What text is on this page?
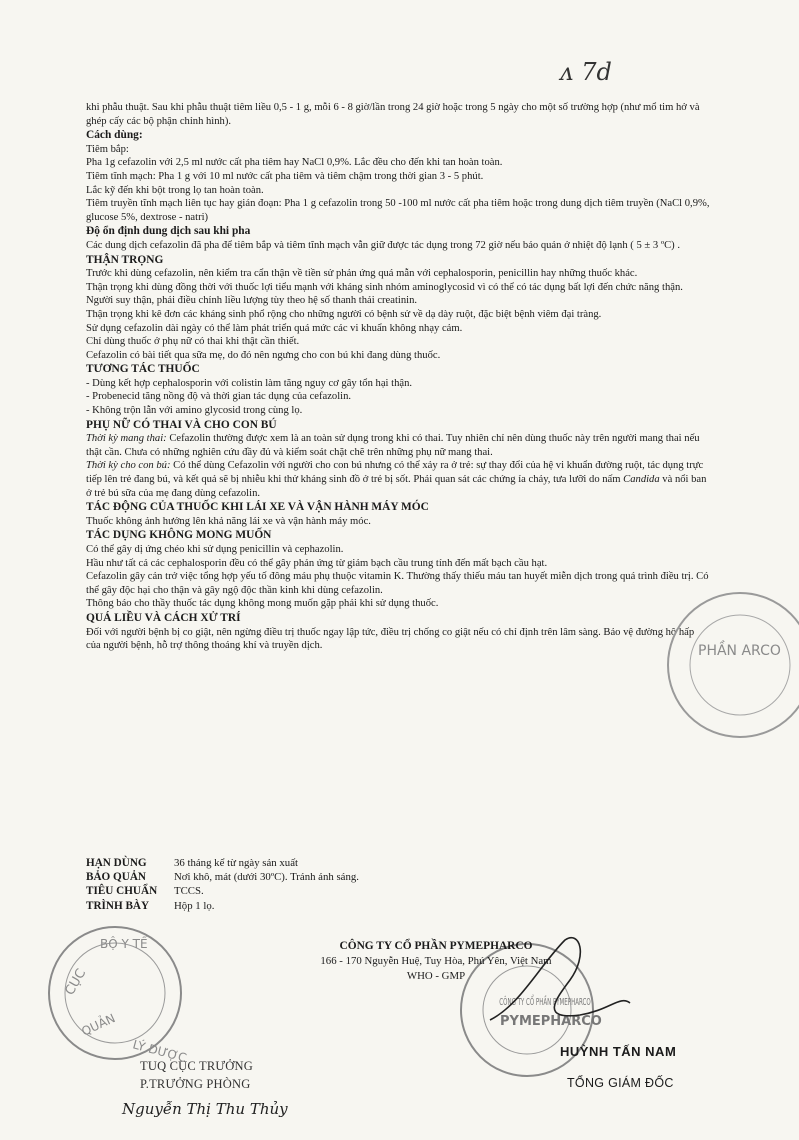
ᴧ 7d

khi phẫu thuật. Sau khi phẫu thuật tiêm liều 0,5 - 1 g, mỗi 6 - 8 giờ/lần trong 24 giờ hoặc trong 5 ngày cho một số trường hợp (như mổ tim hở và ghép cấy các bộ phận chỉnh hình).

Cách dùng:

Tiêm bắp:

Pha 1g cefazolin với 2,5 ml nước cất pha tiêm hay NaCl 0,9%. Lắc đều cho đến khi tan hoàn toàn.

Tiêm tĩnh mạch: Pha 1 g với 10 ml nước cất pha tiêm và tiêm chậm trong thời gian 3 - 5 phút.

Lắc kỹ đến khi bột trong lọ tan hoàn toàn.

Tiêm truyền tĩnh mạch liên tục hay gián đoạn: Pha 1 g cefazolin trong 50 -100 ml nước cất pha tiêm hoặc trong dung dịch tiêm truyền (NaCl 0,9%, glucose 5%, dextrose - natri)

Độ ổn định dung dịch sau khi pha

Các dung dịch cefazolin đã pha để tiêm bắp và tiêm tĩnh mạch vẫn giữ được tác dụng trong 72 giờ nếu bảo quản ở nhiệt độ lạnh ( 5 ± 3 ºC) .

THẬN TRỌNG

Trước khi dùng cefazolin, nên kiểm tra cẩn thận về tiền sử phản ứng quá mẫn với cephalosporin, penicillin hay những thuốc khác.

Thận trọng khi dùng đồng thời với thuốc lợi tiểu mạnh với kháng sinh nhóm aminoglycosid vì có thể có tác dụng bất lợi đến chức năng thận.

Người suy thận, phải điều chỉnh liều lượng tùy theo hệ số thanh thải creatinin.

Thận trọng khi kê đơn các kháng sinh phổ rộng cho những người có bệnh sử về dạ dày ruột, đặc biệt bệnh viêm đại tràng.

Sử dụng cefazolin dài ngày có thể làm phát triển quá mức các vi khuẩn không nhạy cảm.

Chỉ dùng thuốc ở phụ nữ có thai khi thật cần thiết.

Cefazolin có bài tiết qua sữa mẹ, do đó nên ngưng cho con bú khi đang dùng thuốc.

TƯƠNG TÁC THUỐC

- Dùng kết hợp cephalosporin với colistin làm tăng nguy cơ gây tổn hại thận.

- Probenecid tăng nồng độ và thời gian tác dụng của cefazolin.

- Không trộn lẫn với amino glycosid trong cùng lọ.

PHỤ NỮ CÓ THAI VÀ CHO CON BÚ

Thời kỳ mang thai: Cefazolin thường được xem là an toàn sử dụng trong khi có thai. Tuy nhiên chỉ nên dùng thuốc này trên người mang thai nếu thật cần. Chưa có những nghiên cứu đầy đủ và kiểm soát chặt chẽ trên những phụ nữ mang thai.

Thời kỳ cho con bú: Có thể dùng Cefazolin với người cho con bú nhưng có thể xảy ra ở trẻ: sự thay đổi của hệ vi khuẩn đường ruột, tác dụng trực tiếp lên trẻ đang bú, và kết quả sẽ bị nhiễu khi thử kháng sinh đồ ở trẻ bị sốt. Phải quan sát các chứng ỉa chảy, tưa lưỡi do nấm Candida và nổi ban ở trẻ bú sữa của mẹ đang dùng cefazolin.

TÁC ĐỘNG CỦA THUỐC KHI LÁI XE VÀ VẬN HÀNH MÁY MÓC

Thuốc không ảnh hưởng lên khả năng lái xe và vận hành máy móc.

TÁC DỤNG KHÔNG MONG MUỐN

Có thể gây dị ứng chéo khi sử dụng penicillin và cephazolin.

Hầu như tất cả các cephalosporin đều có thể gây phản ứng từ giảm bạch cầu trung tính đến mất bạch cầu hạt.

Cefazolin gây cản trở việc tổng hợp yếu tố đông máu phụ thuộc vitamin K. Thường thấy thiếu máu tan huyết miễn dịch trong quá trình điều trị. Có thể gây độc hại cho thận và gây ngộ độc thần kinh khi dùng cefazolin.

Thông báo cho thầy thuốc tác dụng không mong muốn gặp phải khi sử dụng thuốc.

QUÁ LIỀU VÀ CÁCH XỬ TRÍ

Đối với người bệnh bị co giật, nên ngừng điều trị thuốc ngay lập tức, điều trị chống co giật nếu có chỉ định trên lâm sàng. Bảo vệ đường hô hấp của người bệnh, hỗ trợ thông thoáng khí và truyền dịch.

HẠN DÙNG	36 tháng kể từ ngày sản xuất
BẢO QUẢN	Nơi khô, mát (dưới 30ºC). Tránh ánh sáng.
TIÊU CHUẨN	TCCS.
TRÌNH BÀY	Hộp 1 lọ.
CỤC
QUẢN
LÝ DƯỢC
BỘ Y TẾ
CÔNG TY CỔ PHẦN PYMEPHARCO
PYMEPHARCO
PHẦN ARCO
CÔNG TY CỔ PHẦN PYMEPHARCO
166 - 170 Nguyễn Huệ, Tuy Hòa, Phú Yên, Việt Nam
WHO - GMP
TUQ CỤC TRƯỞNG
P.TRƯỞNG PHÒNG
Nguyễn Thị Thu Thủy
HUỲNH TẤN NAM
TỔNG GIÁM ĐỐC
